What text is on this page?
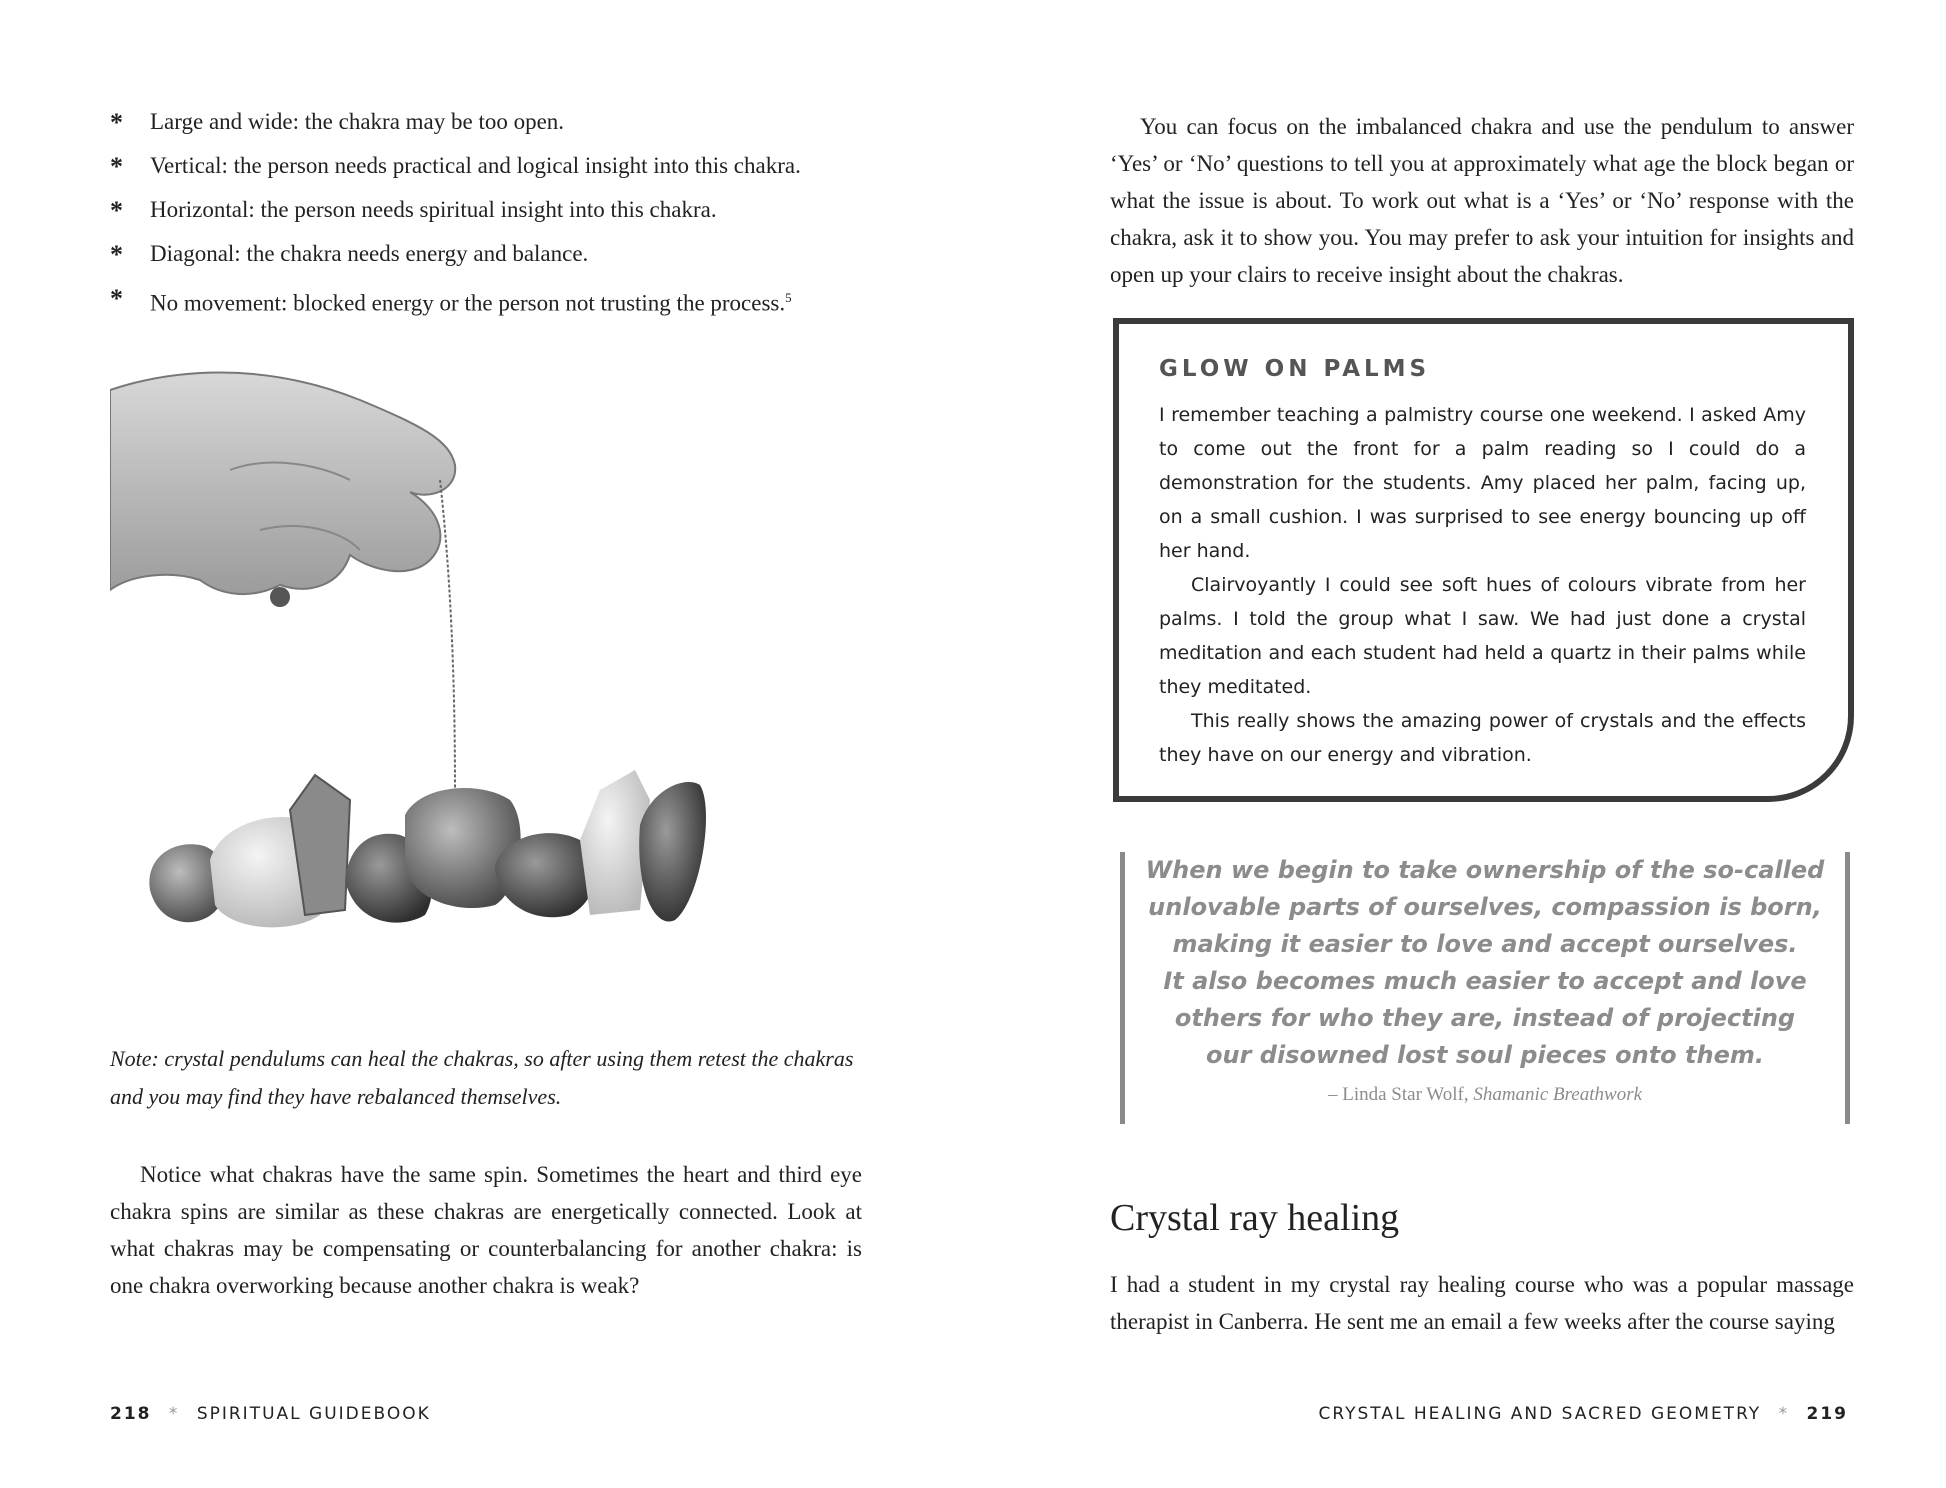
* Large and wide: the chakra may be too open.
* Vertical: the person needs practical and logical insight into this chakra.
* Horizontal: the person needs spiritual insight into this chakra.
* Diagonal: the chakra needs energy and balance.
* No movement: blocked energy or the person not trusting the process.$^5$
Note: crystal pendulums can heal the chakras, so after using them retest the chakras and you may find they have rebalanced themselves.

Notice what chakras have the same spin. Sometimes the heart and third eye chakra spins are similar as these chakras are energetically connected. Look at what chakras may be compensating or counterbalancing for another chakra: is one chakra overworking because another chakra is weak?

218 * SPIRITUAL GUIDEBOOK

You can focus on the imbalanced chakra and use the pendulum to answer ‘Yes’ or ‘No’ questions to tell you at approximately what age the block began or what the issue is about. To work out what is a ‘Yes’ or ‘No’ response with the chakra, ask it to show you. You may prefer to ask your intuition for insights and open up your clairs to receive insight about the chakras.

GLOW ON PALMS

I remember teaching a palmistry course one weekend. I asked Amy to come out the front for a palm reading so I could do a demonstration for the students. Amy placed her palm, facing up, on a small cushion. I was surprised to see energy bouncing up off her hand.

Clairvoyantly I could see soft hues of colours vibrate from her palms. I told the group what I saw. We had just done a crystal meditation and each student had held a quartz in their palms while they meditated.

This really shows the amazing power of crystals and the effects they have on our energy and vibration.

When we begin to take ownership of the so-called
unlovable parts of ourselves, compassion is born,
making it easier to love and accept ourselves.
It also becomes much easier to accept and love
others for who they are, instead of projecting
our disowned lost soul pieces onto them.
– Linda Star Wolf, Shamanic Breathwork
Crystal ray healing

I had a student in my crystal ray healing course who was a popular massage therapist in Canberra. He sent me an email a few weeks after the course saying

CRYSTAL HEALING AND SACRED GEOMETRY * 219
